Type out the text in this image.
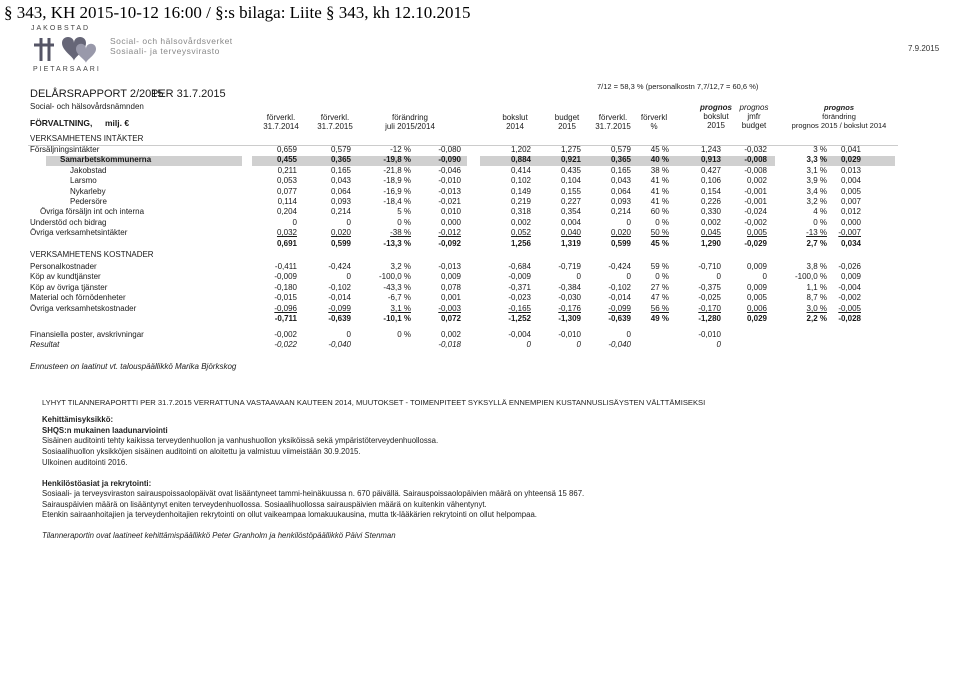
§ 343, KH 2015-10-12 16:00 / §:s bilaga: Liite § 343, kh 12.10.2015
JAKOBSTAD
Social- och hälsovårdsverket
Sosiaali- ja terveysvirasto
PIETARSAARI
7.9.2015
DELÅRSRAPPORT 2/2015
PER 31.7.2015
Social- och hälsovårdsnämnden
FÖRVALTNING, milj. €
7/12 = 58,3 % (personalkostn 7,7/12,7 = 60,6 %)
förverkl.
31.7.2014
förverkl.
31.7.2015
förändring
juli 2015/2014
bokslut
2014
budget
2015
förverkl.
31.7.2015
förverkl
%
prognos
bokslut
2015
prognos
jmfr
budget
prognos
förändring
prognos 2015 / bokslut 2014
VERKSAMHETENS INTÄKTER
Försäljningsintäkter	0,659	0,579	-12 %	-0,080	1,202	1,275	0,579	45 %	1,243	-0,032	3 %	0,041
Samarbetskommunerna	0,455	0,365	-19,8 %	-0,090	0,884	0,921	0,365	40 %	0,913	-0,008	3,3 %	0,029
Jakobstad	0,211	0,165	-21,8 %	-0,046	0,414	0,435	0,165	38 %	0,427	-0,008	3,1 %	0,013
Larsmo	0,053	0,043	-18,9 %	-0,010	0,102	0,104	0,043	41 %	0,106	0,002	3,9 %	0,004
Nykarleby	0,077	0,064	-16,9 %	-0,013	0,149	0,155	0,064	41 %	0,154	-0,001	3,4 %	0,005
Pedersöre	0,114	0,093	-18,4 %	-0,021	0,219	0,227	0,093	41 %	0,226	-0,001	3,2 %	0,007
Övriga försäljn int och interna	0,204	0,214	5 %	0,010	0,318	0,354	0,214	60 %	0,330	-0,024	4 %	0,012
Understöd och bidrag	0	0	0 %	0,000	0,002	0,004	0	0 %	0,002	-0,002	0 %	0,000
Övriga verksamhetsintäkter	0,032	0,020	-38 %	-0,012	0,052	0,040	0,020	50 %	0,045	0,005	-13 %	-0,007
	0,691	0,599	-13,3 %	-0,092	1,256	1,319	0,599	45 %	1,290	-0,029	2,7 %	0,034
VERKSAMHETENS KOSTNADER
Personalkostnader	-0,411	-0,424	3,2 %	-0,013	-0,684	-0,719	-0,424	59 %	-0,710	0,009	3,8 %	-0,026
Köp av kundtjänster	-0,009	0	-100,0 %	0,009	-0,009	0	0	0 %	0	0	-100,0 %	0,009
Köp av övriga tjänster	-0,180	-0,102	-43,3 %	0,078	-0,371	-0,384	-0,102	27 %	-0,375	0,009	1,1 %	-0,004
Material och förnödenheter	-0,015	-0,014	-6,7 %	0,001	-0,023	-0,030	-0,014	47 %	-0,025	0,005	8,7 %	-0,002
Övriga verksamhetskostnader	-0,096	-0,099	3,1 %	-0,003	-0,165	-0,176	-0,099	56 %	-0,170	0,006	3,0 %	-0,005
	-0,711	-0,639	-10,1 %	0,072	-1,252	-1,309	-0,639	49 %	-1,280	0,029	2,2 %	-0,028
Finansiella poster, avskrivningar	-0,002	0	0 %	0,002	-0,004	-0,010	0		-0,010			
Resultat	-0,022	-0,040		-0,018	0	0	-0,040		0			
Ennusteen on laatinut vt. talouspäällikkö Marika Björkskog
LYHYT TILANNERAPORTTI PER 31.7.2015 VERRATTUNA VASTAAVAAN KAUTEEN 2014, MUUTOKSET - TOIMENPITEET SYKSYLLÄ ENNEMPIEN KUSTANNUSLISÄYSTEN VÄLTTÄMISEKSI
Kehittämisyksikkö:
SHQS:n mukainen laadunarviointi
Sisäinen auditointi tehty kaikissa terveydenhuollon ja vanhushuollon yksiköissä sekä ympäristöterveydenhuollossa.
Sosiaalihuollon yksikköjen sisäinen auditointi on aloitettu ja valmistuu viimeistään 30.9.2015.
Ulkoinen auditointi 2016.
Henkilöstöasiat ja rekrytointi:
Sosiaali- ja terveysviraston sairauspoissaolopäivät ovat lisääntyneet tammi-heinäkuussa n. 670 päivällä. Sairauspoissaolopäivien määrä on yhteensä 15 867.
Sairauspäivien määrä on lisääntynyt eniten terveydenhuollossa. Sosiaalihuollossa sairauspäivien määrä on kuitenkin vähentynyt.
Etenkin sairaanhoitajien ja terveydenhoitajien rekrytointi on ollut vaikeampaa lomakuukausina, mutta tk-lääkärien rekrytointi on ollut helpompaa.
Tilanneraportin ovat laatineet kehittämispäällikkö Peter Granholm ja henkilöstöpäällikkö Päivi Stenman
